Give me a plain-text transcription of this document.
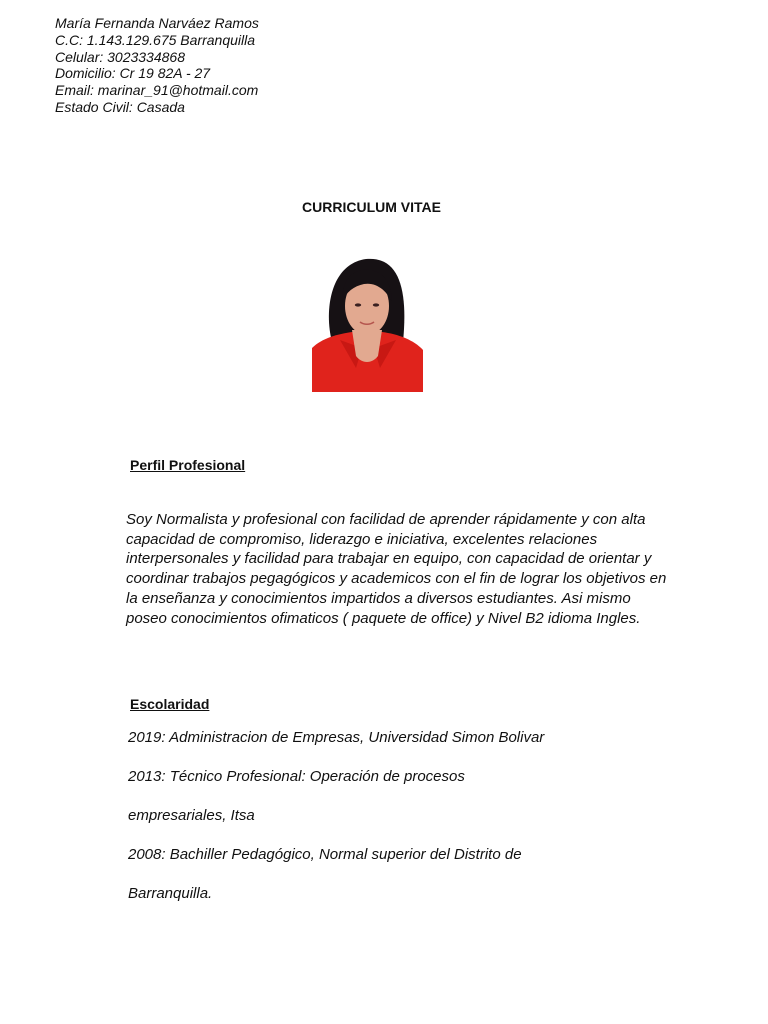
María Fernanda Narváez Ramos
C.C: 1.143.129.675 Barranquilla
Celular: 3023334868
Domicilio: Cr 19 82A - 27
Email: marinar_91@hotmail.com
Estado Civil: Casada
CURRICULUM VITAE
Perfil Profesional
Soy Normalista y profesional con facilidad de aprender rápidamente y con alta
capacidad de compromiso, liderazgo e iniciativa, excelentes relaciones
interpersonales y facilidad para trabajar en equipo, con capacidad de orientar y
coordinar trabajos pegagógicos y academicos con el fin de lograr los objetivos en
la enseñanza y conocimientos impartidos a diversos estudiantes. Asi mismo
poseo conocimientos ofimaticos ( paquete de office) y Nivel B2 idioma Ingles.
Escolaridad
2019: Administracion de Empresas, Universidad Simon Bolivar
2013: Técnico Profesional: Operación de procesos
empresariales, Itsa
2008: Bachiller Pedagógico, Normal superior del Distrito de
Barranquilla.
